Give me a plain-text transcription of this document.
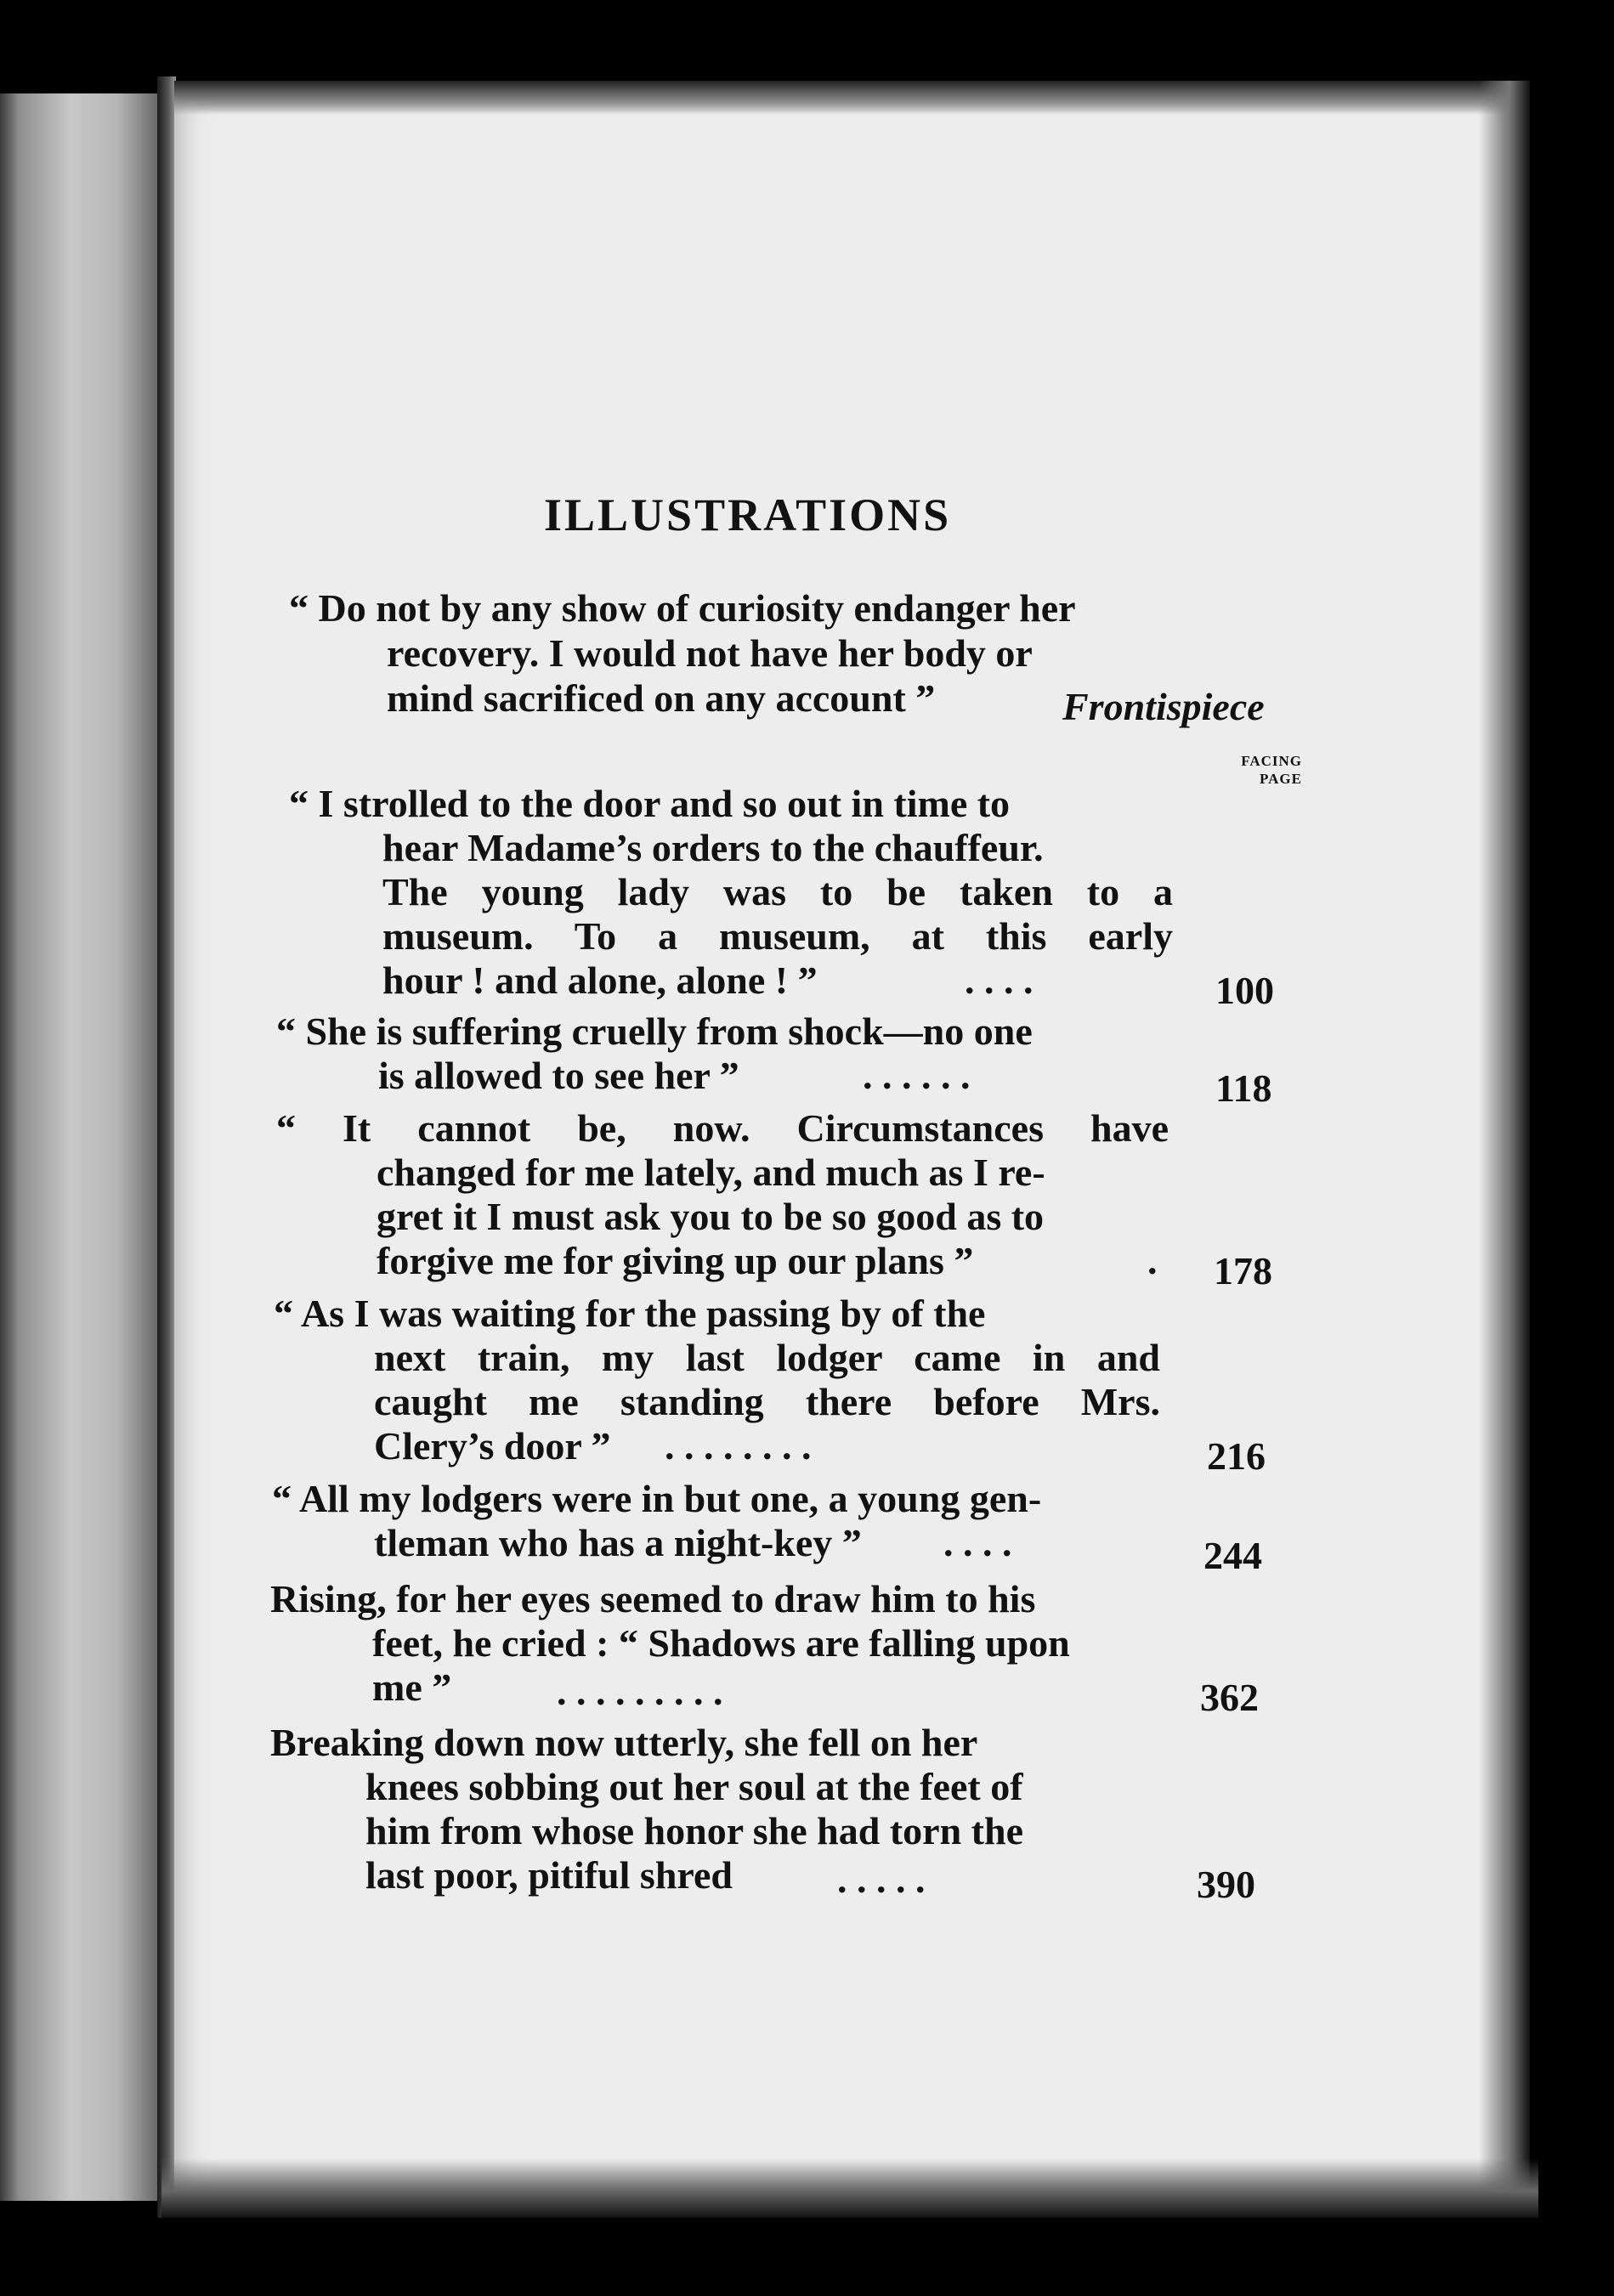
ILLUSTRATIONS
“ Do not by any show of curiosity endanger her
recovery. I would not have her body or
mind sacrificed on any account ”	Frontispiece
FACING
PAGE
“ I strolled to the door and so out in time to
hear Madame’s orders to the chauffeur.
The young lady was to be taken to a
museum. To a museum, at this early
hour ! and alone, alone ! ”	. . . .	100
“ She is suffering cruelly from shock—no one
is allowed to see her ”	. . . . . .	118
“ It cannot be, now. Circumstances have
changed for me lately, and much as I re-
gret it I must ask you to be so good as to
forgive me for giving up our plans ”	. 178
“ As I was waiting for the passing by of the
next train, my last lodger came in and
caught me standing there before Mrs.
Clery’s door ” . . . . . . . .	216
“ All my lodgers were in but one, a young gen-
tleman who has a night-key ” . . . .	244
Rising, for her eyes seemed to draw him to his
feet, he cried : “ Shadows are falling upon
me ”	. . . . . . . . .	362
Breaking down now utterly, she fell on her
knees sobbing out her soul at the feet of
him from whose honor she had torn the
last poor, pitiful shred	. . . . .	390
